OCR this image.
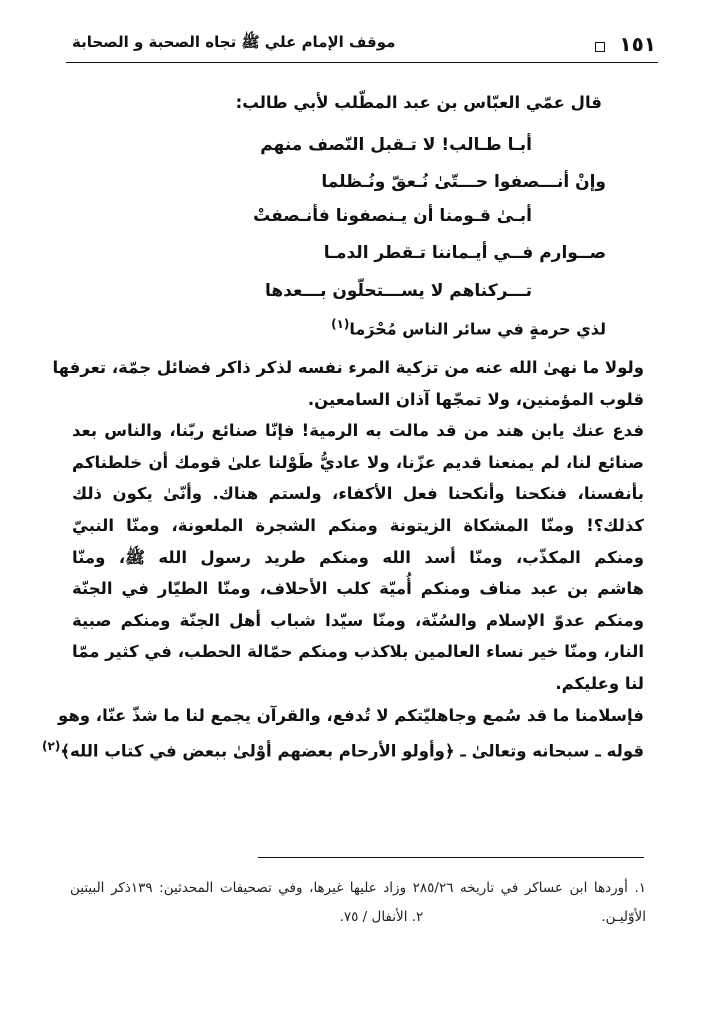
موقف الإمام علي ﷺ تجاه الصحبة و الصحابة	١٥١
قال عمّي العبّاس بن عبد المطّلب لأبي طالب:
أبـا طـالب! لا تـقبل النّصف منهم
وإنْ أنـــصفوا حـــتّیٰ نُـعقّ ونُـظلما
أبـیٰ قـومنا أن یـنصفونا فأنـصفتْ
صــوارم فــي أيـماننا تـقطر الدمـا
تـــركناهم لا يســـتحلّون بـــعدها
لذي حرمةٍ في سائر الناس مُحْرَما$^{(١)}$
ولولا ما نهیٰ الله عنه من تزكية المرء نفسه لذكر ذاكر فضائل جمّة، تعرفها
قلوب المؤمنين، ولا تمجّها آذان السامعين.
فدع عنك يابن هند من قد مالت به الرمية! فإنّا صنائع ربّنا، والناس بعد
صنائع لنا، لم يمنعنا قديم عزّنا، ولا عاديُّ طَوْلنا علیٰ قومك أن خلطناكم
بأنفسنا، فنكحنا وأنكحنا فعل الأكفاء، ولستم هناك. وأنّیٰ يكون ذلك
كذلك؟! ومنّا المشكاة الزيتونة ومنكم الشجرة الملعونة، ومنّا النبيّ
ومنكم المكذّب، ومنّا أسد الله ومنكم طريد رسول الله ﷺ، ومنّا
هاشم بن عبد مناف ومنكم أُميّة كلب الأحلاف، ومنّا الطيّار في الجنّة
ومنكم عدوّ الإسلام والسُنّة، ومنّا سيّدا شباب أهل الجنّة ومنكم صبية
النار، ومنّا خير نساء العالمين بلاكذب ومنكم حمّالة الحطب، في كثير ممّا
لنا وعليكم.
فإسلامنا ما قد سُمع وجاهليّتكم لا تُدفع، والقرآن يجمع لنا ما شذّ عنّا، وهو
قوله ـ سبحانه وتعالیٰ ـ ﴿وأولو الأرحام بعضهم أوْلیٰ ببعض في كتاب الله﴾$^{(٢)}$
١. أوردها ابن عساكر في تاريخه ٢٨٥/٢٦ وزاد عليها غيرها، وفي تصحيفات المحدثين: ١٣٩ذكر البيتين
الأوّليـن.٢. الأنفال / ٧٥.
